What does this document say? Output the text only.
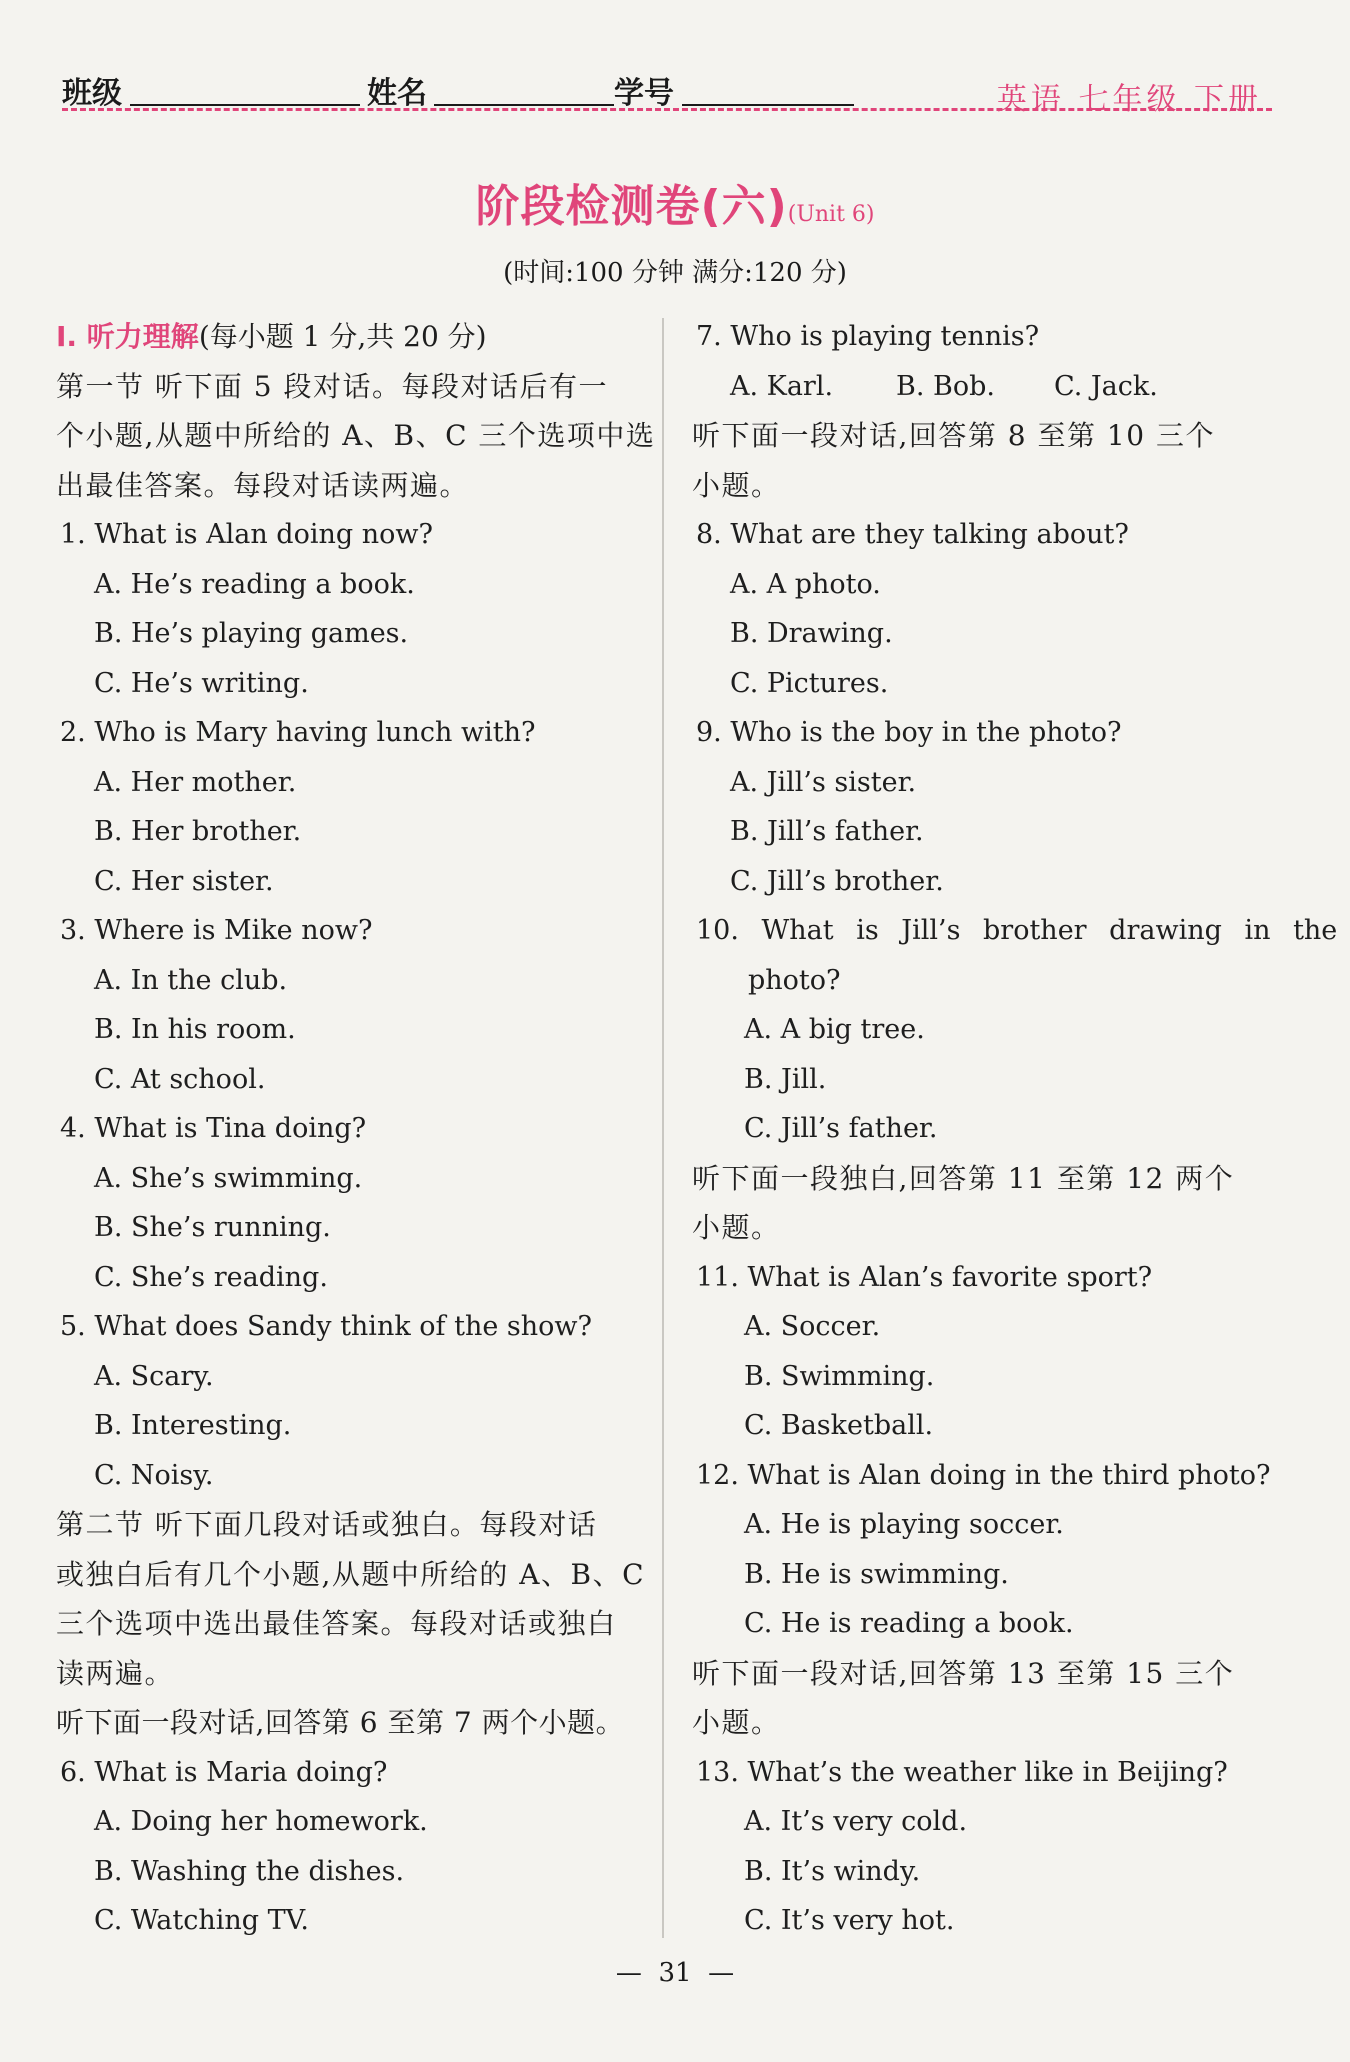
班级	姓名	学号	英语 七年级 下册
阶段检测卷(六)(Unit 6)
(时间:100 分钟 满分:120 分)
Ⅰ. 听力理解(每小题 1 分,共 20 分)
第一节 听下面 5 段对话。每段对话后有一
个小题,从题中所给的 A、B、C 三个选项中选
出最佳答案。每段对话读两遍。
1. What is Alan doing now?
A. He’s reading a book.
B. He’s playing games.
C. He’s writing.
2. Who is Mary having lunch with?
A. Her mother.
B. Her brother.
C. Her sister.
3. Where is Mike now?
A. In the club.
B. In his room.
C. At school.
4. What is Tina doing?
A. She’s swimming.
B. She’s running.
C. She’s reading.
5. What does Sandy think of the show?
A. Scary.
B. Interesting.
C. Noisy.
第二节 听下面几段对话或独白。每段对话
或独白后有几个小题,从题中所给的 A、B、C
三个选项中选出最佳答案。每段对话或独白
读两遍。
听下面一段对话,回答第 6 至第 7 两个小题。
6. What is Maria doing?
A. Doing her homework.
B. Washing the dishes.
C. Watching TV.
7. Who is playing tennis?
A. Karl. B. Bob. C. Jack.
听下面一段对话,回答第 8 至第 10 三个
小题。
8. What are they talking about?
A. A photo.
B. Drawing.
C. Pictures.
9. Who is the boy in the photo?
A. Jill’s sister.
B. Jill’s father.
C. Jill’s brother.
10. What is Jill’s brother drawing in the
photo?
A. A big tree.
B. Jill.
C. Jill’s father.
听下面一段独白,回答第 11 至第 12 两个
小题。
11. What is Alan’s favorite sport?
A. Soccer.
B. Swimming.
C. Basketball.
12. What is Alan doing in the third photo?
A. He is playing soccer.
B. He is swimming.
C. He is reading a book.
听下面一段对话,回答第 13 至第 15 三个
小题。
13. What’s the weather like in Beijing?
A. It’s very cold.
B. It’s windy.
C. It’s very hot.
—  31  —
